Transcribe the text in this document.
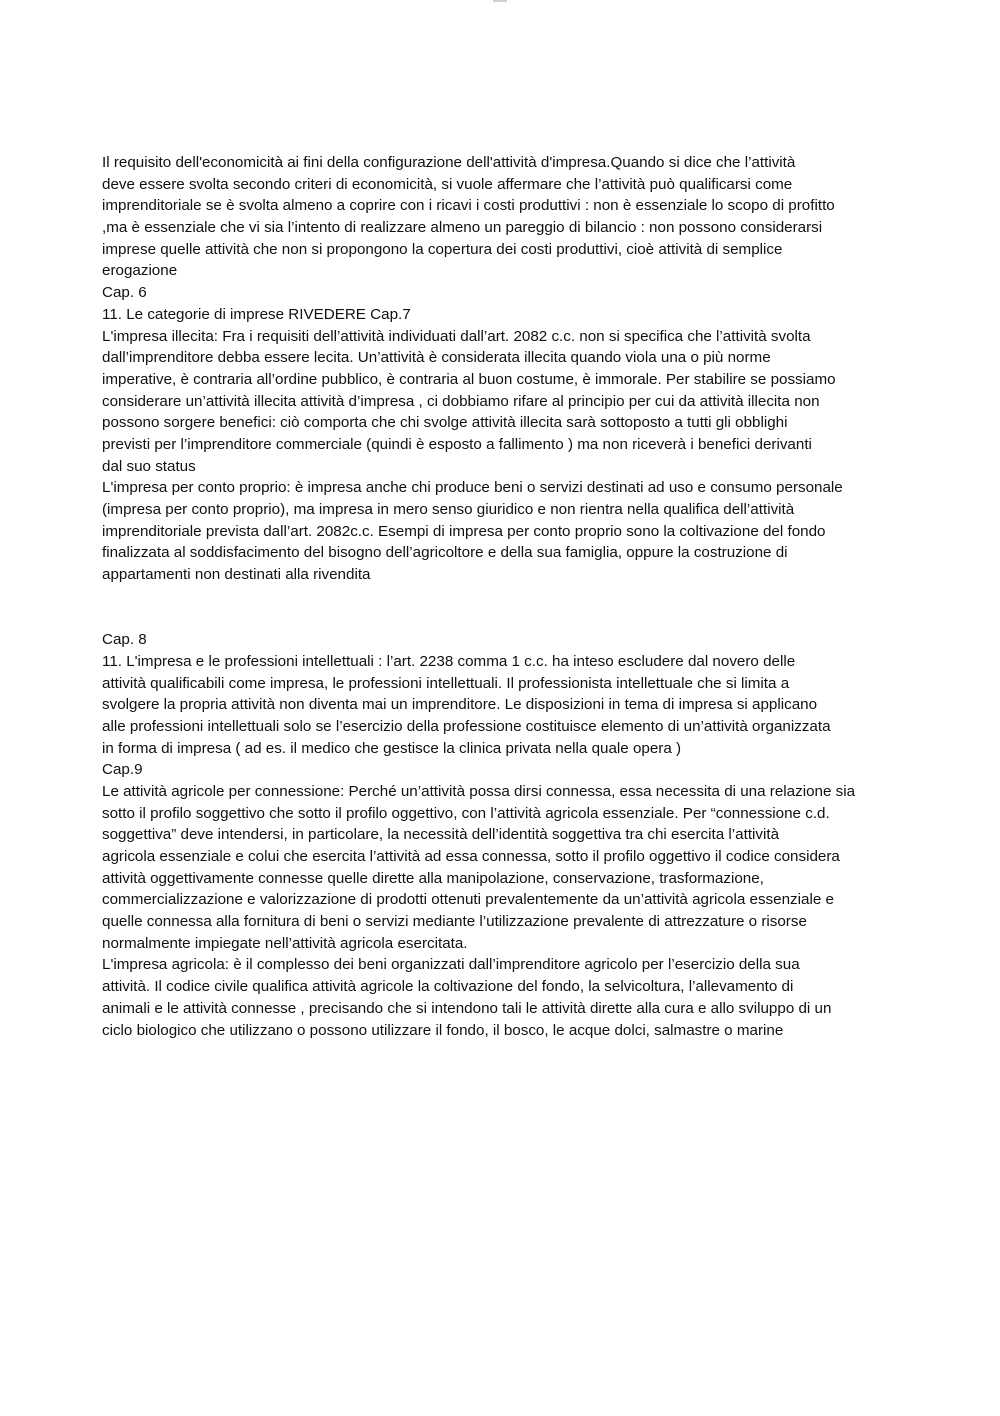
Il requisito dell'economicità ai fini della configurazione dell'attività d'impresa.Quando si dice che l’attività
deve essere svolta secondo criteri di economicità, si vuole affermare che l’attività può qualificarsi come
imprenditoriale se è svolta almeno a coprire con i ricavi i costi produttivi : non è essenziale lo scopo di profitto
,ma è essenziale che vi sia l’intento di realizzare almeno un pareggio di bilancio : non possono considerarsi
imprese quelle attività che non si propongono la copertura dei costi produttivi, cioè attività di semplice
erogazione
Cap. 6
11. Le categorie di imprese RIVEDERE Cap.7
L'impresa illecita: Fra i requisiti dell’attività individuati dall’art. 2082 c.c. non si specifica che l’attività svolta
dall’imprenditore debba essere lecita. Un’attività è considerata illecita quando viola una o più norme
imperative, è contraria all’ordine pubblico, è contraria al buon costume, è immorale. Per stabilire se possiamo
considerare un’attività illecita attività d’impresa , ci dobbiamo rifare al principio per cui da attività illecita non
possono sorgere benefici: ciò comporta che chi svolge attività illecita sarà sottoposto a tutti gli obblighi
previsti per l’imprenditore commerciale (quindi è esposto a fallimento ) ma non riceverà i benefici derivanti
dal suo status
L'impresa per conto proprio: è impresa anche chi produce beni o servizi destinati ad uso e consumo personale
(impresa per conto proprio), ma impresa in mero senso giuridico e non rientra nella qualifica dell’attività
imprenditoriale prevista dall’art. 2082c.c. Esempi di impresa per conto proprio sono la coltivazione del fondo
finalizzata al soddisfacimento del bisogno dell’agricoltore e della sua famiglia, oppure la costruzione di
appartamenti non destinati alla rivendita
Cap. 8
11. L'impresa e le professioni intellettuali : l’art. 2238 comma 1 c.c. ha inteso escludere dal novero delle
attività qualificabili come impresa, le professioni intellettuali. Il professionista intellettuale che si limita a
svolgere la propria attività non diventa mai un imprenditore. Le disposizioni in tema di impresa si applicano
alle professioni intellettuali solo se l’esercizio della professione costituisce elemento di un’attività organizzata
in forma di impresa ( ad es. il medico che gestisce la clinica privata nella quale opera )
Cap.9
Le attività agricole per connessione: Perché un’attività possa dirsi connessa, essa necessita di una relazione sia
sotto il profilo soggettivo che sotto il profilo oggettivo, con l’attività agricola essenziale. Per “connessione c.d.
soggettiva” deve intendersi, in particolare, la necessità dell’identità soggettiva tra chi esercita l’attività
agricola essenziale e colui che esercita l’attività ad essa connessa, sotto il profilo oggettivo il codice considera
attività oggettivamente connesse quelle dirette alla manipolazione, conservazione, trasformazione,
commercializzazione e valorizzazione di prodotti ottenuti prevalentemente da un’attività agricola essenziale e
quelle connessa alla fornitura di beni o servizi mediante l’utilizzazione prevalente di attrezzature o risorse
normalmente impiegate nell’attività agricola esercitata.
L'impresa agricola: è il complesso dei beni organizzati dall’imprenditore agricolo per l’esercizio della sua
attività. Il codice civile qualifica attività agricole la coltivazione del fondo, la selvicoltura, l’allevamento di
animali e le attività connesse , precisando che si intendono tali le attività dirette alla cura e allo sviluppo di un
ciclo biologico che utilizzano o possono utilizzare il fondo, il bosco, le acque dolci, salmastre o marine
